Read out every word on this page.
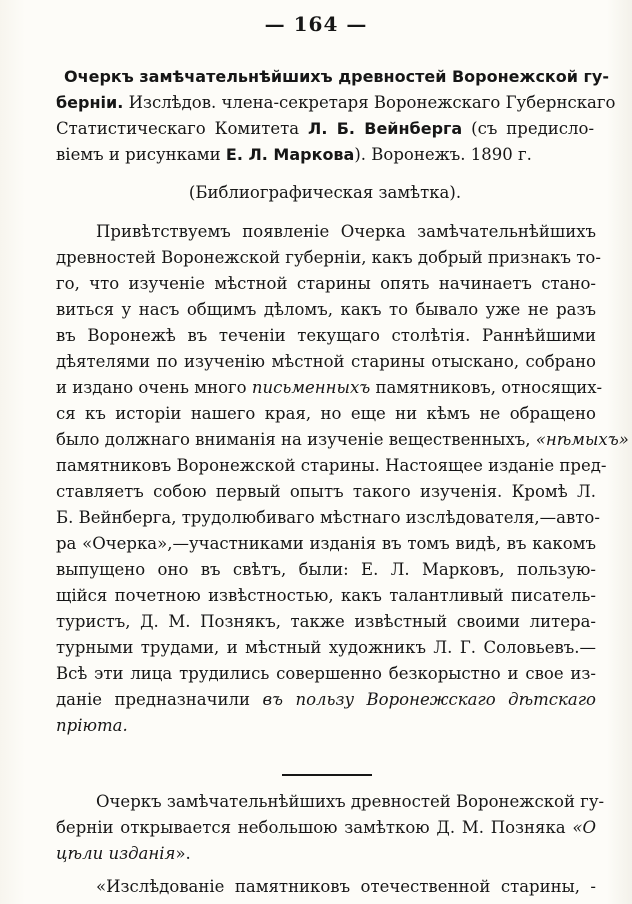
— 164 —
Очеркъ замѣчательнѣйшихъ древностей Воронежской гу-
берніи. Изслѣдов. члена-секретаря Воронежскаго Губернскаго
Статистическаго Комитета Л. Б. Вейнберга (съ предисло-
віемъ и рисунками Е. Л. Маркова). Воронежъ. 1890 г.
(Библиографическая замѣтка).
Привѣтствуемъ появленіе Очерка замѣчательнѣйшихъ
древностей Воронежской губерніи, какъ добрый признакъ то-
го, что изученіе мѣстной старины опять начинаетъ стано-
виться у насъ общимъ дѣломъ, какъ то бывало уже не разъ
въ Воронежѣ въ теченіи текущаго столѣтія. Раннѣйшими
дѣятелями по изученію мѣстной старины отыскано, собрано
и издано очень много письменныхъ памятниковъ, относящих-
ся къ исторіи нашего края, но еще ни кѣмъ не обращено
было должнаго вниманія на изученіе вещественныхъ, «нѣмыхъ»
памятниковъ Воронежской старины. Настоящее изданіе пред-
ставляетъ собою первый опытъ такого изученія. Кромѣ Л.
Б. Вейнберга, трудолюбиваго мѣстнаго изслѣдователя,—авто-
ра «Очерка»,—участниками изданія въ томъ видѣ, въ какомъ
выпущено оно въ свѣтъ, были: Е. Л. Марковъ, пользую-
щійся почетною извѣстностью, какъ талантливый писатель-
туристъ, Д. М. Познякъ, также извѣстный своими литера-
турными трудами, и мѣстный художникъ Л. Г. Соловьевъ.—
Всѣ эти лица трудились совершенно безкорыстно и свое из-
даніе предназначили въ пользу Воронежскаго дѣтскаго
пріюта.
Очеркъ замѣчательнѣйшихъ древностей Воронежской гу-
берніи открывается небольшою замѣткою Д. М. Позняка «О
цѣли изданія».
«Изслѣдованіе памятниковъ отечественной старины, -
